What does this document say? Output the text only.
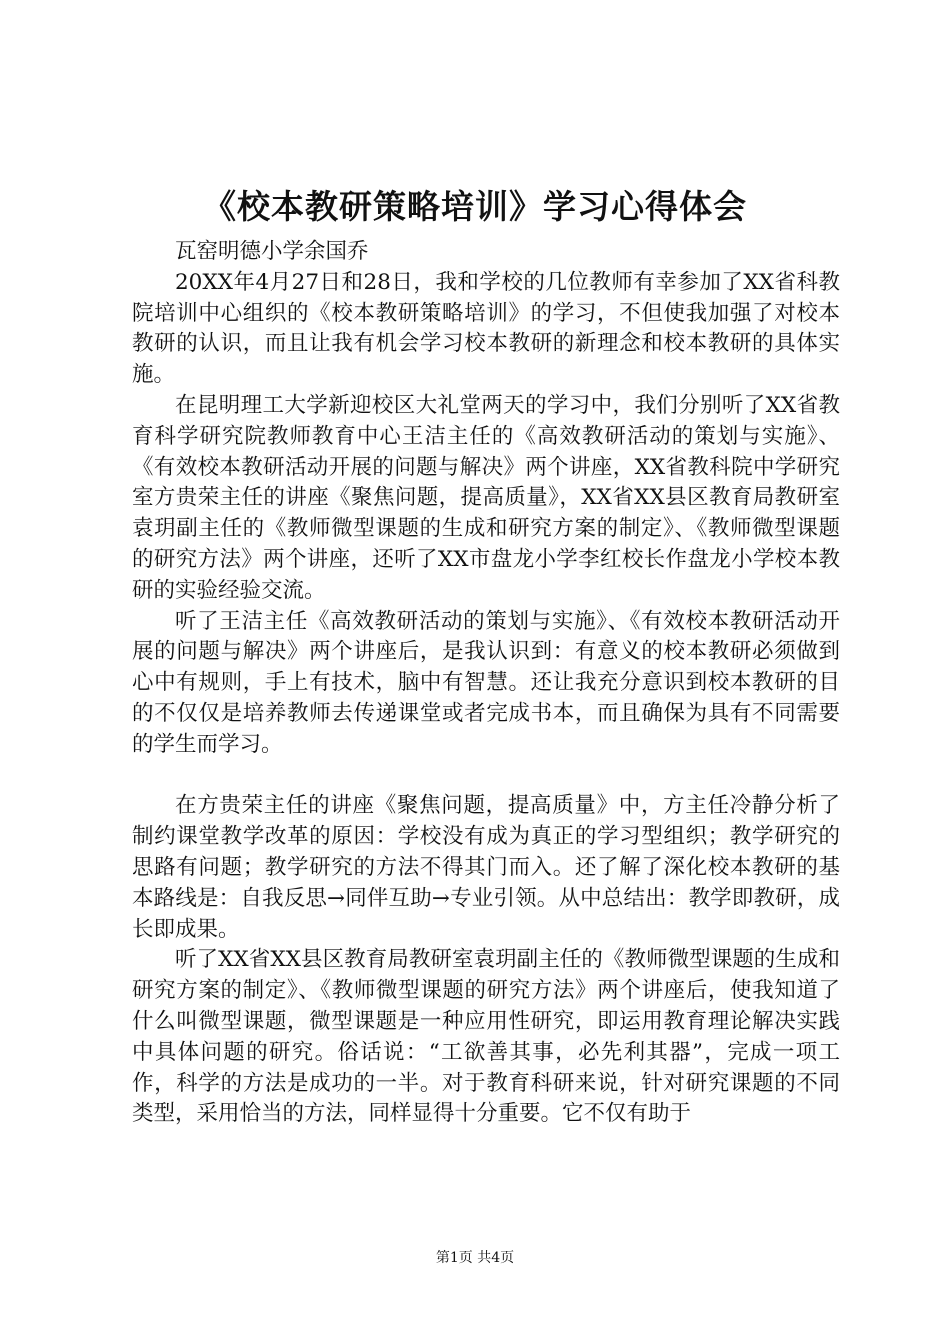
《校本教研策略培训》学习心得体会

瓦窑明德小学余国乔

20XX年4月27日和28日，我和学校的几位教师有幸参加了XX省科教院培训中心组织的《校本教研策略培训》的学习，不但使我加强了对校本教研的认识，而且让我有机会学习校本教研的新理念和校本教研的具体实施。

在昆明理工大学新迎校区大礼堂两天的学习中，我们分别听了XX省教育科学研究院教师教育中心王洁主任的《高效教研活动的策划与实施》、《有效校本教研活动开展的问题与解决》两个讲座，XX省教科院中学研究室方贵荣主任的讲座《聚焦问题，提高质量》，XX省XX县区教育局教研室袁玥副主任的《教师微型课题的生成和研究方案的制定》、《教师微型课题的研究方法》两个讲座，还听了XX市盘龙小学李红校长作盘龙小学校本教研的实验经验交流。

听了王洁主任《高效教研活动的策划与实施》、《有效校本教研活动开展的问题与解决》两个讲座后，是我认识到：有意义的校本教研必须做到心中有规则，手上有技术，脑中有智慧。还让我充分意识到校本教研的目的不仅仅是培养教师去传递课堂或者完成书本，而且确保为具有不同需要的学生而学习。

在方贵荣主任的讲座《聚焦问题，提高质量》中，方主任冷静分析了制约课堂教学改革的原因：学校没有成为真正的学习型组织；教学研究的思路有问题；教学研究的方法不得其门而入。还了解了深化校本教研的基本路线是：自我反思→同伴互助→专业引领。从中总结出：教学即教研，成长即成果。

听了XX省XX县区教育局教研室袁玥副主任的《教师微型课题的生成和研究方案的制定》、《教师微型课题的研究方法》两个讲座后，使我知道了什么叫微型课题，微型课题是一种应用性研究，即运用教育理论解决实践中具体问题的研究。俗话说：“工欲善其事，必先利其器”，完成一项工作，科学的方法是成功的一半。对于教育科研来说，针对研究课题的不同类型，采用恰当的方法，同样显得十分重要。它不仅有助于

第1页 共4页
